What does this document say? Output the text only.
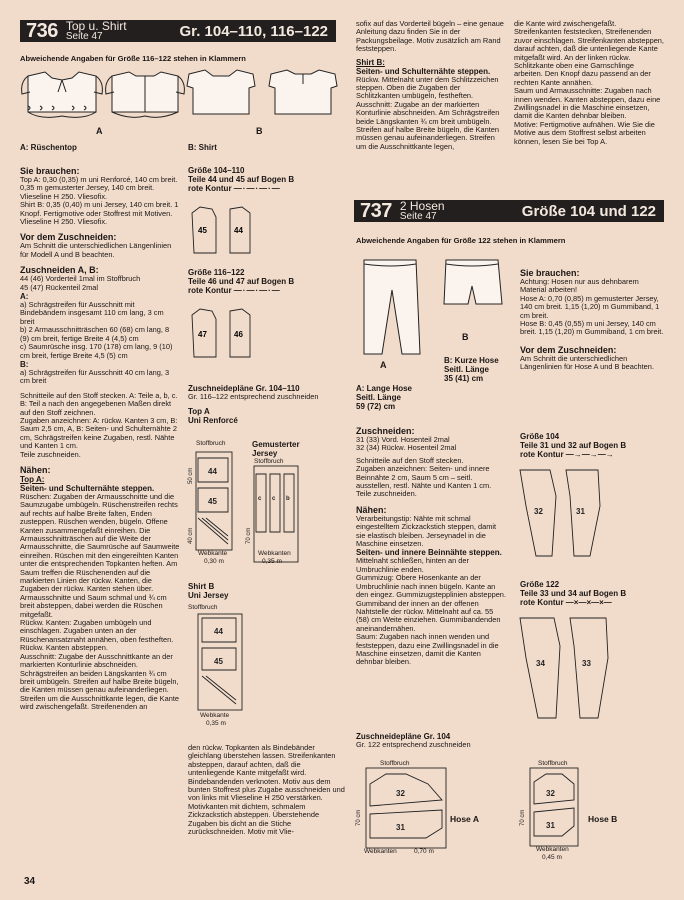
736 Top u. Shirt
Seite 47	Gr. 104–110, 116–122
Abweichende Angaben für Größe 116–122 stehen in Klammern
A	B
A: Rüschentop	B: Shirt
Sie brauchen:
Top A: 0,30 (0,35) m uni Renforcé, 140 cm breit. 0,35 m gemusterter Jersey, 140 cm breit. Vlieseline H 250. Vliesofix.
Shirt B: 0,35 (0,40) m uni Jersey, 140 cm breit. 1 Knopf. Fertigmotive oder Stoffrest mit Motiven. Vlieseline H 250. Vliesofix.
Vor dem Zuschneiden:
Am Schnitt die unterschiedlichen Längenlinien für Modell A und B beachten.
Zuschneiden A, B:
44 (46) Vorderteil 1mal im Stoffbruch
45 (47) Rückenteil 2mal
A:
a) Schrägstreifen für Ausschnitt mit Bindebändern insgesamt 110 cm lang, 3 cm breit
b) 2 Armausschnitträschen 60 (68) cm lang, 8 (9) cm breit, fertige Breite 4 (4,5) cm
c) Saumrüsche insg. 170 (178) cm lang, 9 (10) cm breit, fertige Breite 4,5 (5) cm
B:
a) Schrägstreifen für Ausschnitt 40 cm lang, 3 cm breit
Schnitteile auf den Stoff stecken. A: Teile a, b, c. B: Teil a nach den angegebenen Maßen direkt auf den Stoff zeichnen.
Zugaben anzeichnen: A: rückw. Kanten 3 cm, B: Saum 2,5 cm, A, B: Seiten- und Schulternähte 2 cm, Schrägstreifen keine Zugaben, restl. Nähte und Kanten 1 cm.
Teile zuschneiden.
Nähen:
Top A:
Seiten- und Schulternähte steppen.
Rüschen: Zugaben der Armausschnitte und die Saumzugabe umbügeln. Rüschenstreifen rechts auf rechts auf halbe Breite falten, Enden zusteppen. Rüschen wenden, bügeln. Offene Kanten zusammengefaßt einreihen. Die Armausschnitträschen auf die Weite der Armausschnitte, die Saumrüsche auf Saumweite einreihen. Rüschen mit den eingereihten Kanten unter die entsprechenden Topkanten heften. Am Saum treffen die Rüschenenden auf die markierten Linien der rückw. Kanten, die Zugaben der rückw. Kanten stehen über. Armausschnitte und Saum schmal und ¾ cm breit absteppen, dabei werden die Rüschen mitgefaßt.
Rückw. Kanten: Zugaben umbügeln und einschlagen. Zugaben unten an der Rüschenansatznaht annähen, oben festheften. Rückw. Kanten absteppen.
Ausschnitt: Zugabe der Ausschnittkante an der markierten Konturlinie abschneiden. Schrägstreifen an beiden Längskanten ¾ cm breit umbügeln. Streifen auf halbe Breite bügeln, die Kanten müssen genau aufeinanderliegen. Streifen um die Ausschnittkante legen, die Kante wird zwischengefaßt. Streifenenden an
34
Größe 104–110
Teile 44 und 45 auf Bogen B
rote Kontur —·—·—·—
45	44
Größe 116–122
Teile 46 und 47 auf Bogen B
rote Kontur —·—·—·—
47	46
Zuschneidepläne Gr. 104–110
Gr. 116–122 entsprechend zuschneiden
Top A
Uni Renforcé
Gemusterter Jersey
44
45	c c b
50 cm
40 cm	70 cm
Stoffbruch
Stoffbruch
Webkante
0,30 m
Webkanten
0,35 m
Shirt B
Uni Jersey
Stoffbruch
44
45
Webkante
0,35 m
den rückw. Topkanten als Bindebänder gleichlang überstehen lassen. Streifenkanten absteppen, darauf achten, daß die untenliegende Kante mitgefaßt wird. Bindebandenden verknoten. Motiv aus dem bunten Stoffrest plus Zugabe ausschneiden und von links mit Vlieseline H 250 verstärken. Motivkanten mit dichtem, schmalem Zickzackstich absteppen. Überstehende Zugaben bis dicht an die Stiche zurückschneiden. Motiv mit Vlie-
sofix auf das Vorderteil bügeln – eine genaue Anleitung dazu finden Sie in der Packungsbeilage. Motiv zusätzlich am Rand feststeppen.
Shirt B:
Seiten- und Schulternähte steppen.
Rückw. Mittelnaht unter dem Schlitzzeichen steppen. Oben die Zugaben der Schlitzkanten umbügeln, festheften.
Ausschnitt: Zugabe an der markierten Konturlinie abschneiden. Am Schrägstreifen beide Längskanten ¾ cm breit umbügeln. Streifen auf halbe Breite bügeln, die Kanten müssen genau aufeinanderliegen. Streifen um die Ausschnittkante legen,
die Kante wird zwischengefaßt. Streifenkanten feststecken, Streifenenden zuvor einschlagen. Streifenkanten absteppen, darauf achten, daß die untenliegende Kante mitgefaßt wird. An der linken rückw. Schlitzkante oben eine Garnschlinge arbeiten. Den Knopf dazu passend an der rechten Kante annähen.
Saum und Armausschnitte: Zugaben nach innen wenden. Kanten absteppen, dazu eine Zwillingsnadel in die Maschine einsetzen, damit die Kanten dehnbar bleiben.
Motive: Fertigmotive aufnähen. Wie Sie die Motive aus dem Stoffrest selbst arbeiten können, lesen Sie bei Top A.
737 2 Hosen
Seite 47	Größe 104 und 122
Abweichende Angaben für Größe 122 stehen in Klammern
A
B
A: Lange Hose
Seitl. Länge
59 (72) cm
B: Kurze Hose
Seitl. Länge
35 (41) cm
Sie brauchen:
Achtung: Hosen nur aus dehnbarem Material arbeiten!
Hose A: 0,70 (0,85) m gemusterter Jersey, 140 cm breit. 1,15 (1,20) m Gummiband, 1 cm breit.
Hose B: 0,45 (0,55) m uni Jersey, 140 cm breit. 1,15 (1,20) m Gummiband, 1 cm breit.
Vor dem Zuschneiden:
Am Schnitt die unterschiedlichen Längenlinien für Hose A und B beachten.
Zuschneiden:
31 (33) Vord. Hosenteil 2mal
32 (34) Rückw. Hosenteil 2mal
Schnitteile auf den Stoff stecken.
Zugaben anzeichnen: Seiten- und innere Beinnähte 2 cm, Saum 5 cm – seitl. ausstellen, restl. Nähte und Kanten 1 cm.
Teile zuschneiden.
Nähen:
Verarbeitungstip: Nähte mit schmal eingestelltem Zickzackstich steppen, damit sie elastisch bleiben. Jerseynadel in die Maschine einsetzen.
Seiten- und innere Beinnähte steppen.
Mittelnaht schließen, hinten an der Umbruchlinie enden.
Gummizug: Obere Hosenkante an der Umbruchlinie nach innen bügeln. Kante an den eingez. Gummizugstepplinien absteppen. Gummiband der innen an der offenen Nahtstelle der rückw. Mittelnaht auf ca. 55 (58) cm Weite einziehen. Gummibandenden aneinandernähen.
Saum: Zugaben nach innen wenden und feststeppen, dazu eine Zwillingsnadel in die Maschine einsetzen, damit die Kanten dehnbar bleiben.
Größe 104
Teile 31 und 32 auf Bogen B
rote Kontur —→—→—→
32	31
Größe 122
Teile 33 und 34 auf Bogen B
rote Kontur —×—×—×—
34	33
Zuschneidepläne Gr. 104
Gr. 122 entsprechend zuschneiden
Stoffbruch
32
31
70 cm	Hose A
Webkanten	0,70 m
Stoffbruch
32
31
70 cm	Hose B
Webkanten
0,45 m
